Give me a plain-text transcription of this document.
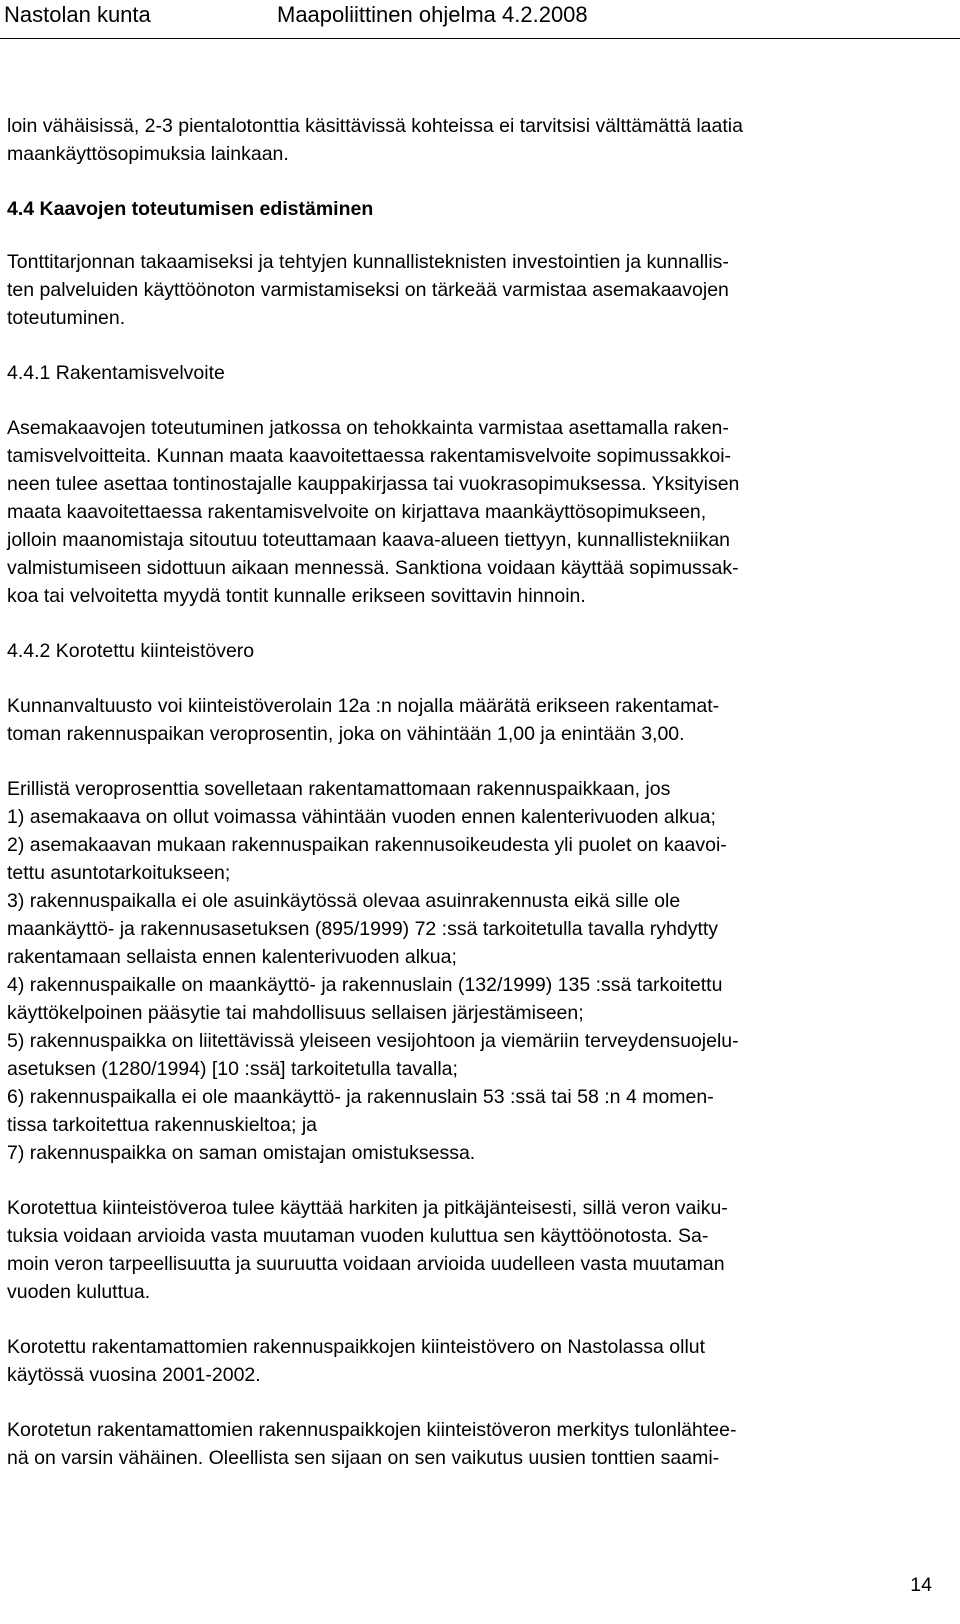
Nastolan kunta	Maapoliittinen ohjelma 4.2.2008

loin vähäisissä, 2-3 pientalotonttia käsittävissä kohteissa ei tarvitsisi välttämättä laatia

maankäyttösopimuksia lainkaan.

4.4 Kaavojen toteutumisen edistäminen

Tonttitarjonnan takaamiseksi ja tehtyjen kunnallisteknisten investointien ja kunnallis-

ten palveluiden käyttöönoton varmistamiseksi on tärkeää varmistaa asemakaavojen

toteutuminen.

4.4.1 Rakentamisvelvoite

Asemakaavojen toteutuminen jatkossa on tehokkainta varmistaa asettamalla raken-

tamisvelvoitteita. Kunnan maata kaavoitettaessa rakentamisvelvoite sopimussakkoi-

neen tulee asettaa tontinostajalle kauppakirjassa tai vuokrasopimuksessa. Yksityisen

maata kaavoitettaessa rakentamisvelvoite on kirjattava maankäyttösopimukseen,

jolloin maanomistaja sitoutuu toteuttamaan kaava-alueen tiettyyn, kunnallistekniikan

valmistumiseen sidottuun aikaan mennessä. Sanktiona voidaan käyttää sopimussak-

koa tai velvoitetta myydä tontit kunnalle erikseen sovittavin hinnoin.

4.4.2 Korotettu kiinteistövero

Kunnanvaltuusto voi kiinteistöverolain 12a :n nojalla määrätä erikseen rakentamat-

toman rakennuspaikan veroprosentin, joka on vähintään 1,00 ja enintään 3,00.

Erillistä veroprosenttia sovelletaan rakentamattomaan rakennuspaikkaan, jos

1) asemakaava on ollut voimassa vähintään vuoden ennen kalenterivuoden alkua;

2) asemakaavan mukaan rakennuspaikan rakennusoikeudesta yli puolet on kaavoi-

tettu asuntotarkoitukseen;

3) rakennuspaikalla ei ole asuinkäytössä olevaa asuinrakennusta eikä sille ole

maankäyttö- ja rakennusasetuksen (895/1999) 72 :ssä tarkoitetulla tavalla ryhdytty

rakentamaan sellaista ennen kalenterivuoden alkua;

4) rakennuspaikalle on maankäyttö- ja rakennuslain (132/1999) 135 :ssä tarkoitettu

käyttökelpoinen pääsytie tai mahdollisuus sellaisen järjestämiseen;

5) rakennuspaikka on liitettävissä yleiseen vesijohtoon ja viemäriin terveydensuojelu-

asetuksen (1280/1994) [10 :ssä] tarkoitetulla tavalla;

6) rakennuspaikalla ei ole maankäyttö- ja rakennuslain 53 :ssä tai 58 :n 4 momen-

tissa tarkoitettua rakennuskieltoa; ja

7) rakennuspaikka on saman omistajan omistuksessa.

Korotettua kiinteistöveroa tulee käyttää harkiten ja pitkäjänteisesti, sillä veron vaiku-

tuksia voidaan arvioida vasta muutaman vuoden kuluttua sen käyttöönotosta. Sa-

moin veron tarpeellisuutta ja suuruutta voidaan arvioida uudelleen vasta muutaman

vuoden kuluttua.

Korotettu rakentamattomien rakennuspaikkojen kiinteistövero on Nastolassa ollut

käytössä vuosina 2001-2002.

Korotetun rakentamattomien rakennuspaikkojen kiinteistöveron merkitys tulonlähteе-

nä on varsin vähäinen. Oleellista sen sijaan on sen vaikutus uusien tonttien saami-

14
